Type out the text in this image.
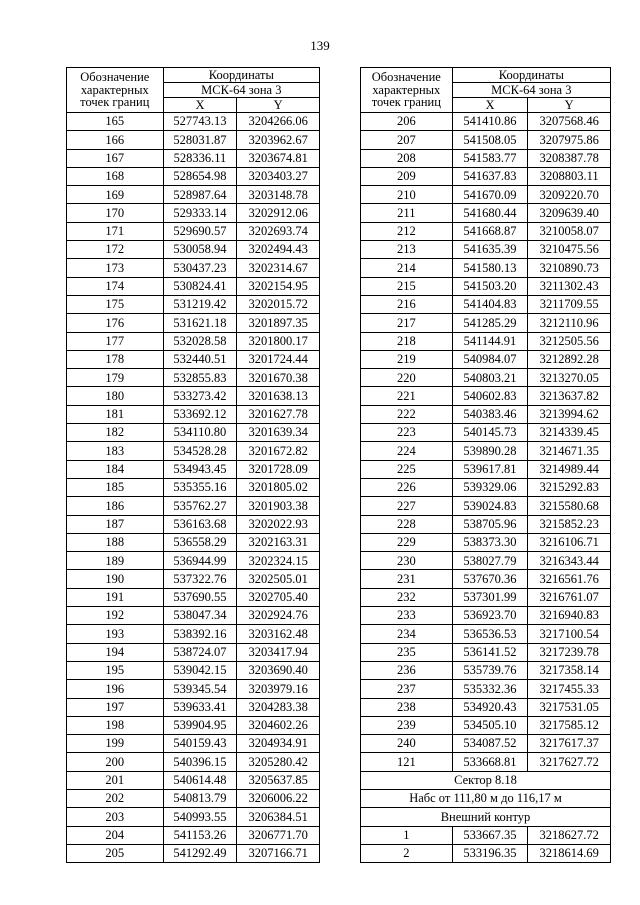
139
Обозначение
характерных
точек границ	Координаты	
	МСК-64 зона 3	
	X	Y
165	527743.13	3204266.06
166	528031.87	3203962.67
167	528336.11	3203674.81
168	528654.98	3203403.27
169	528987.64	3203148.78
170	529333.14	3202912.06
171	529690.57	3202693.74
172	530058.94	3202494.43
173	530437.23	3202314.67
174	530824.41	3202154.95
175	531219.42	3202015.72
176	531621.18	3201897.35
177	532028.58	3201800.17
178	532440.51	3201724.44
179	532855.83	3201670.38
180	533273.42	3201638.13
181	533692.12	3201627.78
182	534110.80	3201639.34
183	534528.28	3201672.82
184	534943.45	3201728.09
185	535355.16	3201805.02
186	535762.27	3201903.38
187	536163.68	3202022.93
188	536558.29	3202163.31
189	536944.99	3202324.15
190	537322.76	3202505.01
191	537690.55	3202705.40
192	538047.34	3202924.76
193	538392.16	3203162.48
194	538724.07	3203417.94
195	539042.15	3203690.40
196	539345.54	3203979.16
197	539633.41	3204283.38
198	539904.95	3204602.26
199	540159.43	3204934.91
200	540396.15	3205280.42
201	540614.48	3205637.85
202	540813.79	3206006.22
203	540993.55	3206384.51
204	541153.26	3206771.70
205	541292.49	3207166.71
Обозначение
характерных
точек границ	Координаты	
	МСК-64 зона 3	
	X	Y
206	541410.86	3207568.46
207	541508.05	3207975.86
208	541583.77	3208387.78
209	541637.83	3208803.11
210	541670.09	3209220.70
211	541680.44	3209639.40
212	541668.87	3210058.07
213	541635.39	3210475.56
214	541580.13	3210890.73
215	541503.20	3211302.43
216	541404.83	3211709.55
217	541285.29	3212110.96
218	541144.91	3212505.56
219	540984.07	3212892.28
220	540803.21	3213270.05
221	540602.83	3213637.82
222	540383.46	3213994.62
223	540145.73	3214339.45
224	539890.28	3214671.35
225	539617.81	3214989.44
226	539329.06	3215292.83
227	539024.83	3215580.68
228	538705.96	3215852.23
229	538373.30	3216106.71
230	538027.79	3216343.44
231	537670.36	3216561.76
232	537301.99	3216761.07
233	536923.70	3216940.83
234	536536.53	3217100.54
235	536141.52	3217239.78
236	535739.76	3217358.14
237	535332.36	3217455.33
238	534920.43	3217531.05
239	534505.10	3217585.12
240	534087.52	3217617.37
121	533668.81	3217627.72
Сектор 8.18		
Набс от 111,80 м до 116,17 м		
Внешний контур		
1	533667.35	3218627.72
2	533196.35	3218614.69
